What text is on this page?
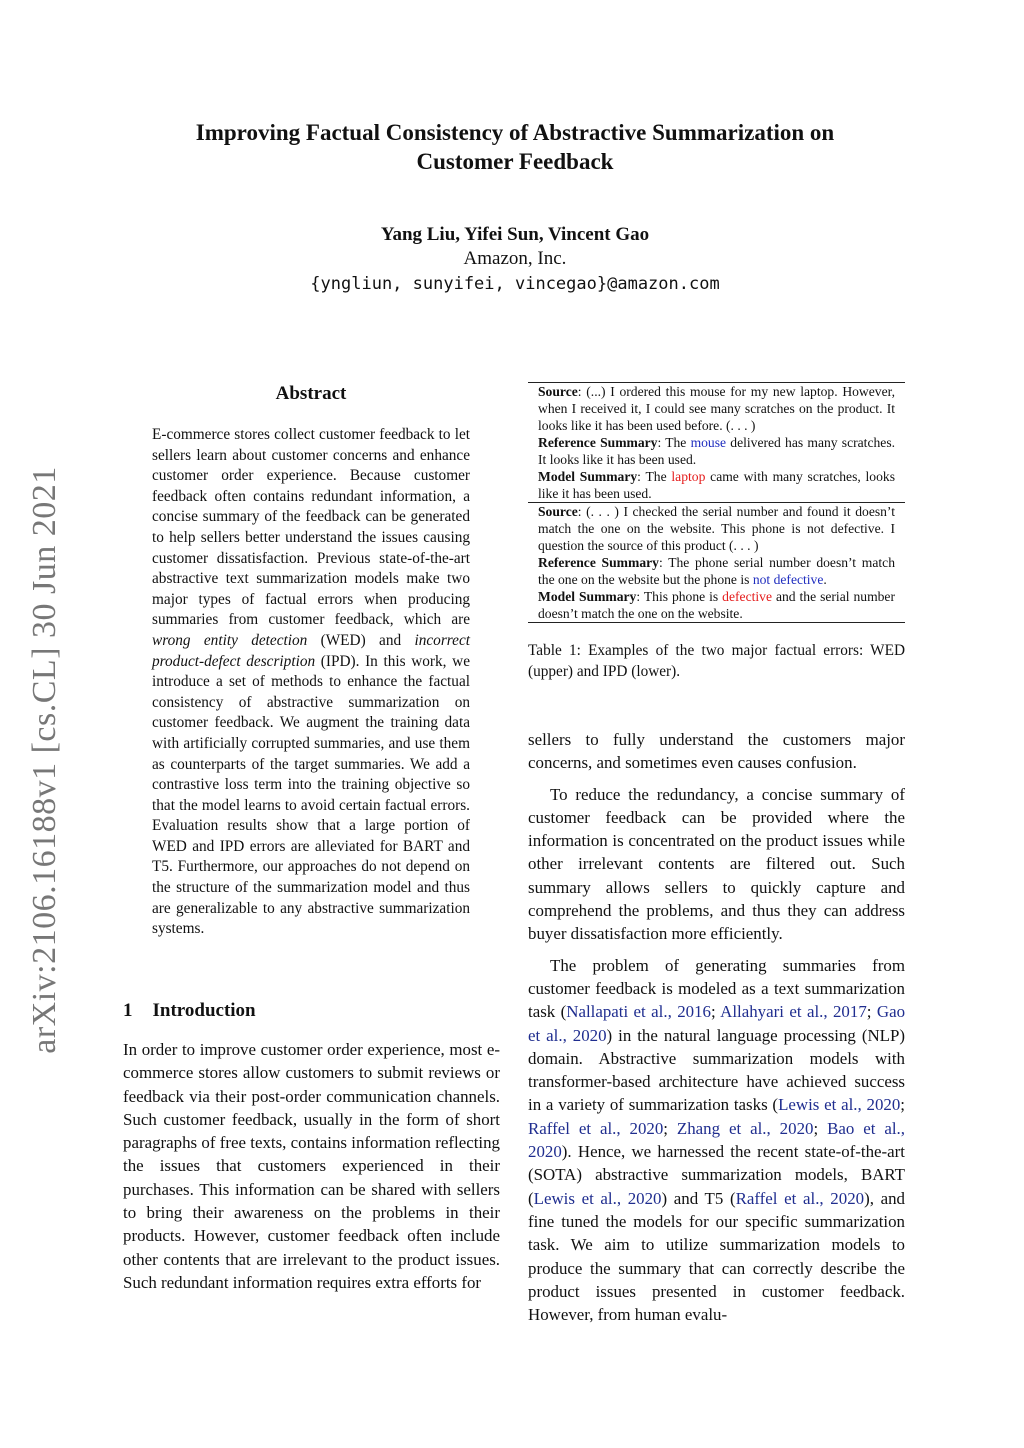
arXiv:2106.16188v1 [cs.CL] 30 Jun 2021
Improving Factual Consistency of Abstractive Summarization on Customer Feedback
Yang Liu, Yifei Sun, Vincent Gao
Amazon, Inc.
{yngliun, sunyifei, vincegao}@amazon.com
Abstract
E-commerce stores collect customer feedback to let sellers learn about customer concerns and enhance customer order experience. Because customer feedback often contains redundant information, a concise summary of the feedback can be generated to help sellers better understand the issues causing customer dissatisfaction. Previous state-of-the-art abstractive text summarization models make two major types of factual errors when producing summaries from customer feedback, which are wrong entity detection (WED) and incorrect product-defect description (IPD). In this work, we introduce a set of methods to enhance the factual consistency of abstractive summarization on customer feedback. We augment the training data with artificially corrupted summaries, and use them as counterparts of the target summaries. We add a contrastive loss term into the training objective so that the model learns to avoid certain factual errors. Evaluation results show that a large portion of WED and IPD errors are alleviated for BART and T5. Furthermore, our approaches do not depend on the structure of the summarization model and thus are generalizable to any abstractive summarization systems.
1 Introduction

In order to improve customer order experience, most e-commerce stores allow customers to submit reviews or feedback via their post-order communication channels. Such customer feedback, usually in the form of short paragraphs of free texts, contains information reflecting the issues that customers experienced in their purchases. This information can be shared with sellers to bring their awareness on the problems in their products. However, customer feedback often include other contents that are irrelevant to the product issues. Such redundant information requires extra efforts for

Source: (...) I ordered this mouse for my new laptop. However, when I received it, I could see many scratches on the product. It looks like it has been used before. (. . . )
Reference Summary: The mouse delivered has many scratches. It looks like it has been used.
Model Summary: The laptop came with many scratches, looks like it has been used.
Source: (. . . ) I checked the serial number and found it doesn’t match the one on the website. This phone is not defective. I question the source of this product (. . . )
Reference Summary: The phone serial number doesn’t match the one on the website but the phone is not defective.
Model Summary: This phone is defective and the serial number doesn’t match the one on the website.
Table 1: Examples of the two major factual errors: WED (upper) and IPD (lower).

sellers to fully understand the customers major concerns, and sometimes even causes confusion.

To reduce the redundancy, a concise summary of customer feedback can be provided where the information is concentrated on the product issues while other irrelevant contents are filtered out. Such summary allows sellers to quickly capture and comprehend the problems, and thus they can address buyer dissatisfaction more efficiently.

The problem of generating summaries from customer feedback is modeled as a text summarization task (Nallapati et al., 2016; Allahyari et al., 2017; Gao et al., 2020) in the natural language processing (NLP) domain. Abstractive summarization models with transformer-based architecture have achieved success in a variety of summarization tasks (Lewis et al., 2020; Raffel et al., 2020; Zhang et al., 2020; Bao et al., 2020). Hence, we harnessed the recent state-of-the-art (SOTA) abstractive summarization models, BART (Lewis et al., 2020) and T5 (Raffel et al., 2020), and fine tuned the models for our specific summarization task. We aim to utilize summarization models to produce the summary that can correctly describe the product issues presented in customer feedback. However, from human evalu-
